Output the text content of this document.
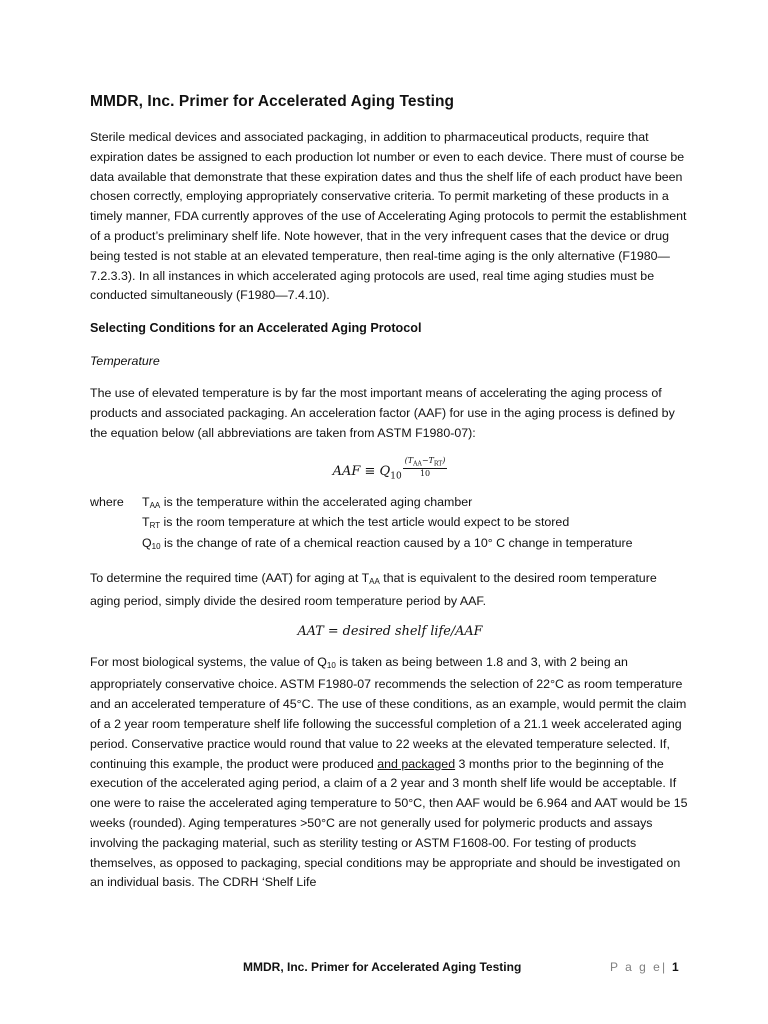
MMDR, Inc. Primer for Accelerated Aging Testing

Sterile medical devices and associated packaging, in addition to pharmaceutical products, require that expiration dates be assigned to each production lot number or even to each device. There must of course be data available that demonstrate that these expiration dates and thus the shelf life of each product have been chosen correctly, employing appropriately conservative criteria. To permit marketing of these products in a timely manner, FDA currently approves of the use of Accelerating Aging protocols to permit the establishment of a product’s preliminary shelf life. Note however, that in the very infrequent cases that the device or drug being tested is not stable at an elevated temperature, then real-time aging is the only alternative (F1980—7.2.3.3). In all instances in which accelerated aging protocols are used, real time aging studies must be conducted simultaneously (F1980—7.4.10).

Selecting Conditions for an Accelerated Aging Protocol
Temperature

The use of elevated temperature is by far the most important means of accelerating the aging process of products and associated packaging. An acceleration factor (AAF) for use in the aging process is defined by the equation below (all abbreviations are taken from ASTM F1980-07):

AAF ≡ $Q_{10} \frac{(T_{AA}-T_{RT})}{10}$
where	$T_{AA}$ is the temperature within the accelerated aging chamber
$T_{RT}$ is the room temperature at which the test article would expect to be stored
$Q_{10}$ is the change of rate of a chemical reaction caused by a 10° C change in temperature

To determine the required time (AAT) for aging at $T_{AA}$ that is equivalent to the desired room temperature aging period, simply divide the desired room temperature period by AAF.

AAT = desired shelf life/AAF

For most biological systems, the value of $Q_{10}$ is taken as being between 1.8 and 3, with 2 being an appropriately conservative choice. ASTM F1980-07 recommends the selection of 22°C as room temperature and an accelerated temperature of 45°C. The use of these conditions, as an example, would permit the claim of a 2 year room temperature shelf life following the successful completion of a 21.1 week accelerated aging period. Conservative practice would round that value to 22 weeks at the elevated temperature selected. If, continuing this example, the product were produced and packaged 3 months prior to the beginning of the execution of the accelerated aging period, a claim of a 2 year and 3 month shelf life would be acceptable. If one were to raise the accelerated aging temperature to 50°C, then AAF would be 6.964 and AAT would be 15 weeks (rounded). Aging temperatures >50°C are not generally used for polymeric products and assays involving the packaging material, such as sterility testing or ASTM F1608-00. For testing of products themselves, as opposed to packaging, special conditions may be appropriate and should be investigated on an individual basis. The CDRH ‘Shelf Life

MMDR, Inc. Primer for Accelerated Aging Testing	P a g e | 1
